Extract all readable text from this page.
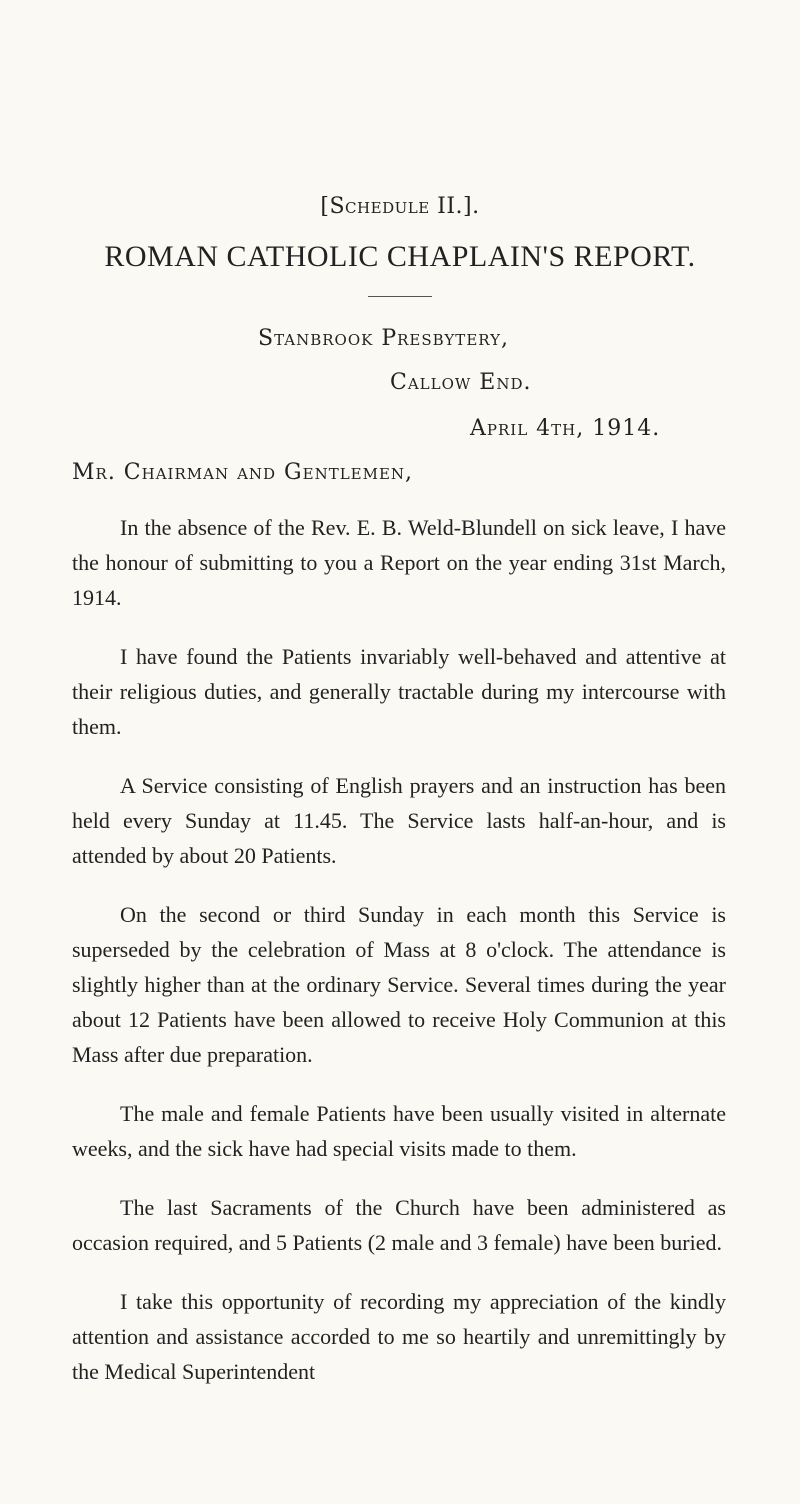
[Schedule II.].
ROMAN CATHOLIC CHAPLAIN'S REPORT.
Stanbrook Presbytery,
Callow End.
April 4th, 1914.
Mr. Chairman and Gentlemen,

In the absence of the Rev. E. B. Weld-Blundell on sick leave, I have the honour of submitting to you a Report on the year ending 31st March, 1914.

I have found the Patients invariably well-behaved and attentive at their religious duties, and generally tractable during my intercourse with them.

A Service consisting of English prayers and an instruction has been held every Sunday at 11.45. The Service lasts half-an-hour, and is attended by about 20 Patients.

On the second or third Sunday in each month this Service is superseded by the celebration of Mass at 8 o'clock. The attendance is slightly higher than at the ordinary Service. Several times during the year about 12 Patients have been allowed to receive Holy Communion at this Mass after due preparation.

The male and female Patients have been usually visited in alternate weeks, and the sick have had special visits made to them.

The last Sacraments of the Church have been administered as occasion required, and 5 Patients (2 male and 3 female) have been buried.

I take this opportunity of recording my appreciation of the kindly attention and assistance accorded to me so heartily and unremittingly by the Medical Superintendent
